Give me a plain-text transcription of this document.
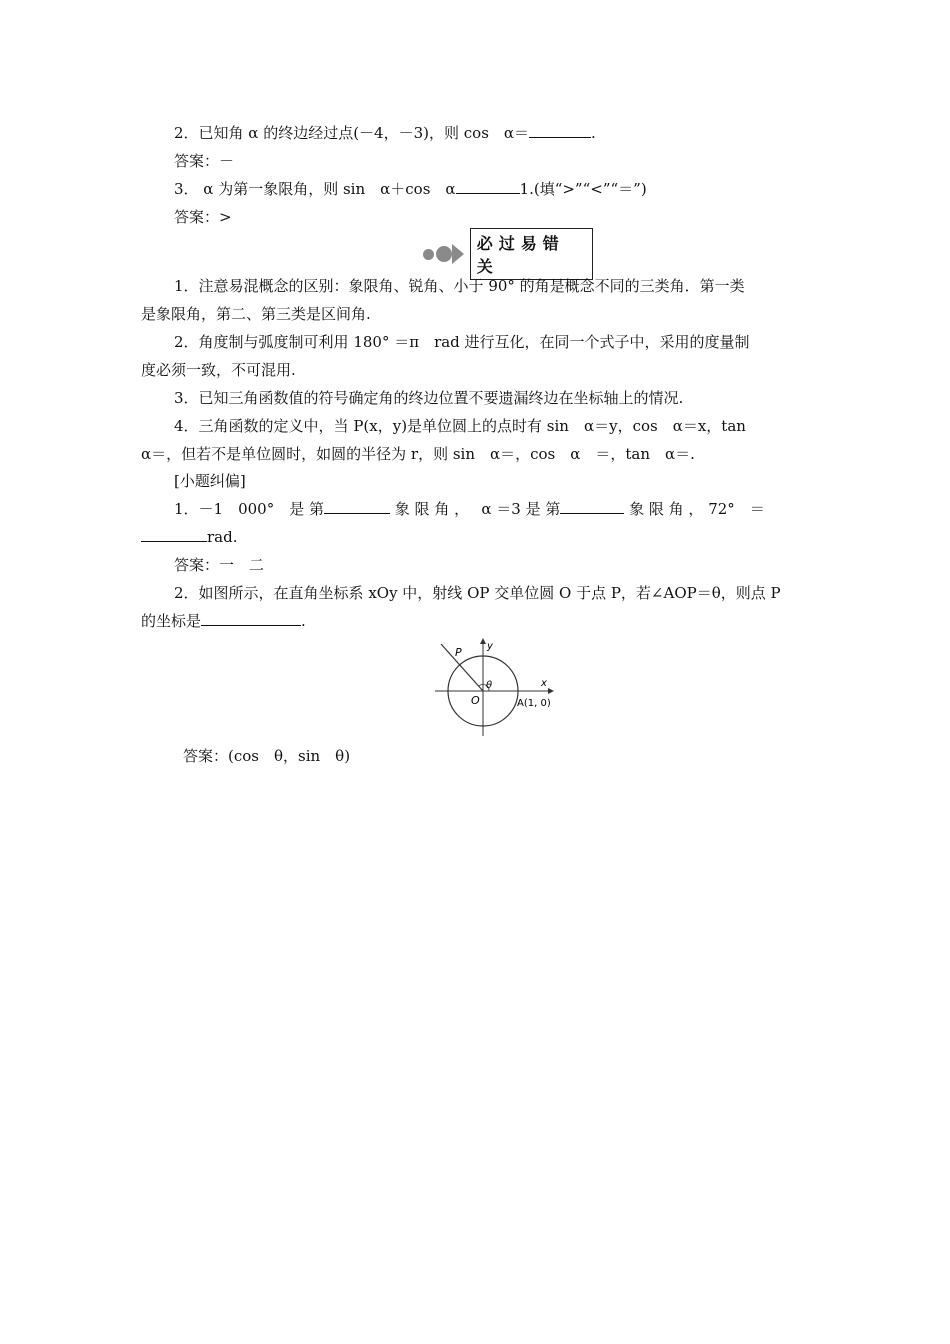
2．已知角 α 的终边经过点(－4，－3)，则 cos　α＝	.
答案：－
3． α 为第一象限角，则 sin　α＋cos　α	1.(填“>”“<”“＝”)
答案：>
必过易错关
1．注意易混概念的区别：象限角、锐角、小于 90° 的角是概念不同的三类角．第一类
是象限角，第二、第三类是区间角.
2．角度制与弧度制可利用 180° ＝π　rad 进行互化，在同一个式子中，采用的度量制
度必须一致，不可混用.
3．已知三角函数值的符号确定角的终边位置不要遗漏终边在坐标轴上的情况.
4．三角函数的定义中，当 P(x，y)是单位圆上的点时有 sin　α＝y，cos　α＝x，tan
α＝，但若不是单位圆时，如圆的半径为 r，则 sin　α＝，cos　α　＝，tan　α＝.
[小题纠偏]
1．－1　000°　是 第	象 限 角 ，　 α ＝3 是 第	象 限 角 ， 72°　＝
rad.
答案：一　二
2．如图所示，在直角坐标系 xOy 中，射线 OP 交单位圆 O 于点 P，若∠AOP＝θ，则点 P
的坐标是	.
P	y
x
θ
O	A(1, 0)
答案：(cos　θ，sin　θ)
